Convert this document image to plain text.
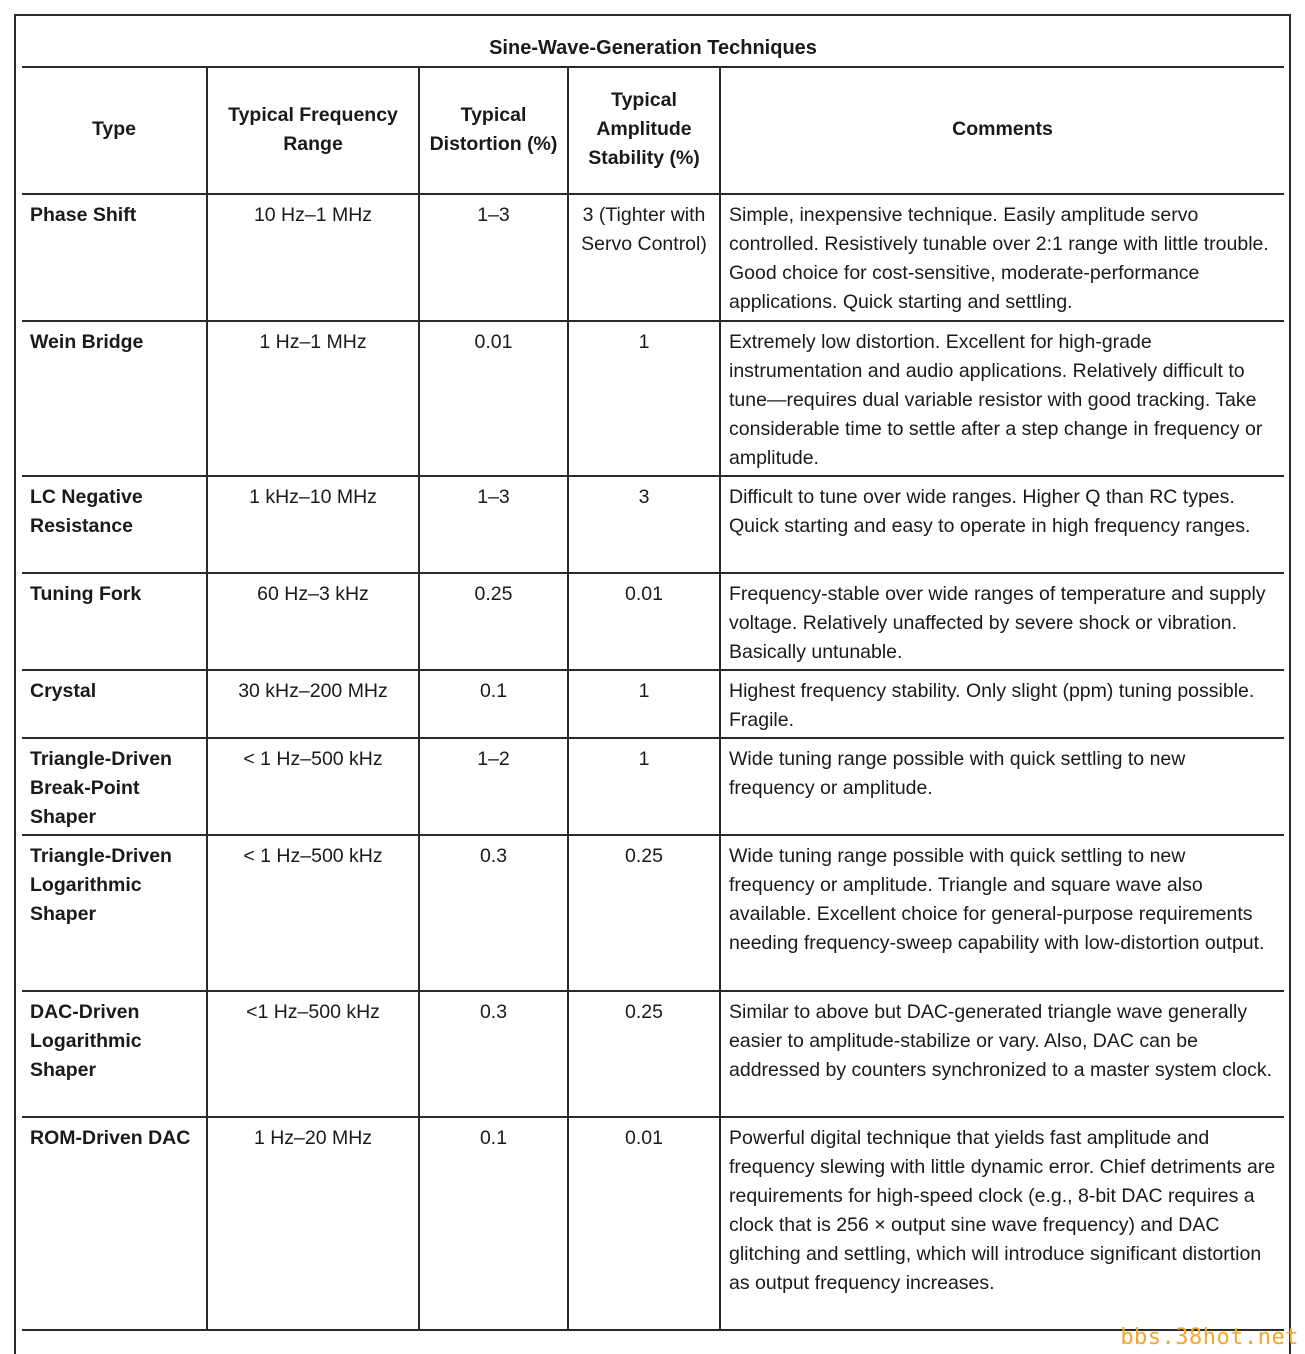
Sine-Wave-Generation Techniques
Type	Typical Frequency Range	Typical Distortion (%)	Typical Amplitude Stability (%)	Comments
Phase Shift	10 Hz–1 MHz	1–3	3 (Tighter with Servo Control)	Simple, inexpensive technique. Easily amplitude servo controlled. Resistively tunable over 2:1 range with little trouble. Good choice for cost-sensitive, moderate-performance applications. Quick starting and settling.
Wein Bridge	1 Hz–1 MHz	0.01	1	Extremely low distortion. Excellent for high-grade instrumentation and audio applications. Relatively difficult to tune—requires dual variable resistor with good tracking. Take considerable time to settle after a step change in frequency or amplitude.
LC Negative Resistance	1 kHz–10 MHz	1–3	3	Difficult to tune over wide ranges. Higher Q than RC types. Quick starting and easy to operate in high frequency ranges.
Tuning Fork	60 Hz–3 kHz	0.25	0.01	Frequency-stable over wide ranges of temperature and supply voltage. Relatively unaffected by severe shock or vibration. Basically untunable.
Crystal	30 kHz–200 MHz	0.1	1	Highest frequency stability. Only slight (ppm) tuning possible. Fragile.
Triangle-Driven Break-Point Shaper	< 1 Hz–500 kHz	1–2	1	Wide tuning range possible with quick settling to new frequency or amplitude.
Triangle-Driven Logarithmic Shaper	< 1 Hz–500 kHz	0.3	0.25	Wide tuning range possible with quick settling to new frequency or amplitude. Triangle and square wave also available. Excellent choice for general-purpose requirements needing frequency-sweep capability with low-distortion output.
DAC-Driven Logarithmic Shaper	<1 Hz–500 kHz	0.3	0.25	Similar to above but DAC-generated triangle wave generally easier to amplitude-stabilize or vary. Also, DAC can be addressed by counters synchronized to a master system clock.
ROM-Driven DAC	1 Hz–20 MHz	0.1	0.01	Powerful digital technique that yields fast amplitude and frequency slewing with little dynamic error. Chief detriments are requirements for high-speed clock (e.g., 8-bit DAC requires a clock that is 256 × output sine wave frequency) and DAC glitching and settling, which will introduce significant distortion as output frequency increases.
bbs.38hot.net
